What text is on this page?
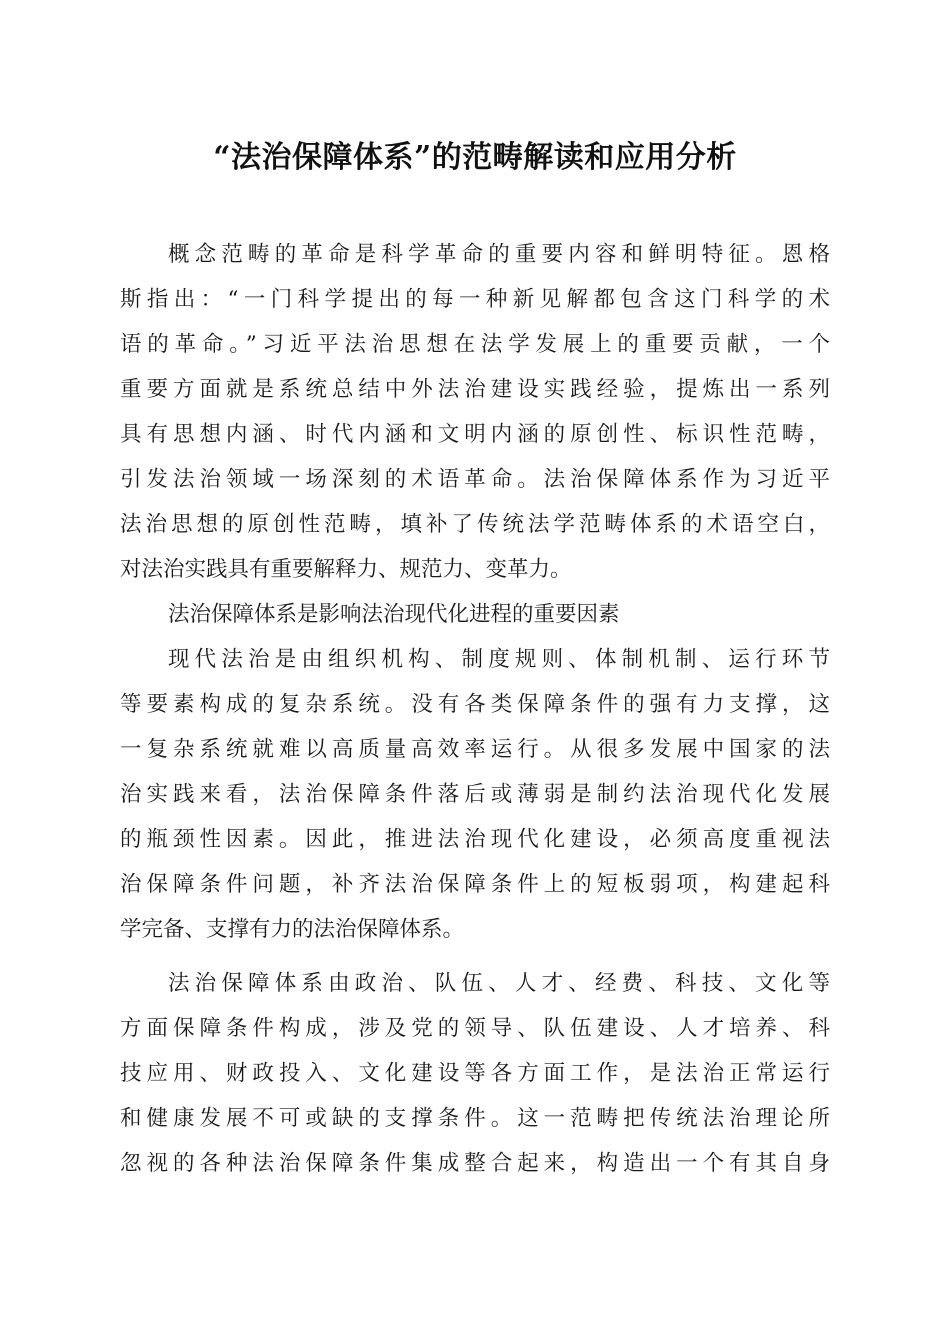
“法治保障体系”的范畴解读和应用分析
概念范畴的革命是科学革命的重要内容和鲜明特征。恩格
斯指出：“一门科学提出的每一种新见解都包含这门科学的术
语的革命。”习近平法治思想在法学发展上的重要贡献，一个
重要方面就是系统总结中外法治建设实践经验，提炼出一系列
具有思想内涵、时代内涵和文明内涵的原创性、标识性范畴，
引发法治领域一场深刻的术语革命。法治保障体系作为习近平
法治思想的原创性范畴，填补了传统法学范畴体系的术语空白，
对法治实践具有重要解释力、规范力、变革力。
法治保障体系是影响法治现代化进程的重要因素
现代法治是由组织机构、制度规则、体制机制、运行环节
等要素构成的复杂系统。没有各类保障条件的强有力支撑，这
一复杂系统就难以高质量高效率运行。从很多发展中国家的法
治实践来看，法治保障条件落后或薄弱是制约法治现代化发展
的瓶颈性因素。因此，推进法治现代化建设，必须高度重视法
治保障条件问题，补齐法治保障条件上的短板弱项，构建起科
学完备、支撑有力的法治保障体系。
法治保障体系由政治、队伍、人才、经费、科技、文化等
方面保障条件构成，涉及党的领导、队伍建设、人才培养、科
技应用、财政投入、文化建设等各方面工作，是法治正常运行
和健康发展不可或缺的支撑条件。这一范畴把传统法治理论所
忽视的各种法治保障条件集成整合起来，构造出一个有其自身
